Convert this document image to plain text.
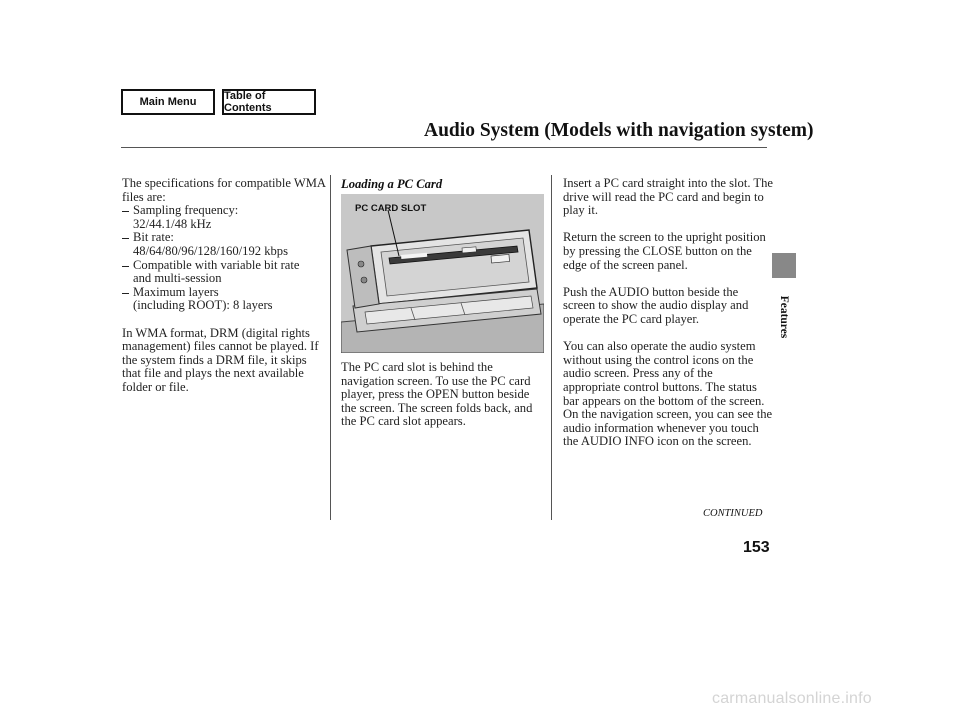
Main Menu	Table of Contents
Audio System (Models with navigation system)
The specifications for compatible WMA files are:
Sampling frequency:
32/44.1/48 kHz
Bit rate:
48/64/80/96/128/160/192 kbps
Compatible with variable bit rate
and multi-session
Maximum layers
(including ROOT): 8 layers

In WMA format, DRM (digital rights management) files cannot be played. If the system finds a DRM file, it skips that file and plays the next available folder or file.

Loading a PC Card
PC CARD SLOT

The PC card slot is behind the navigation screen. To use the PC card player, press the OPEN button beside the screen. The screen folds back, and the PC card slot appears.

Insert a PC card straight into the slot. The drive will read the PC card and begin to play it.

Return the screen to the upright position by pressing the CLOSE button on the edge of the screen panel.

Push the AUDIO button beside the screen to show the audio display and operate the PC card player.

You can also operate the audio system without using the control icons on the audio screen. Press any of the appropriate control buttons. The status bar appears on the bottom of the screen. On the navigation screen, you can see the audio information whenever you touch the AUDIO INFO icon on the screen.

CONTINUED
153
Features
carmanualsonline.info
